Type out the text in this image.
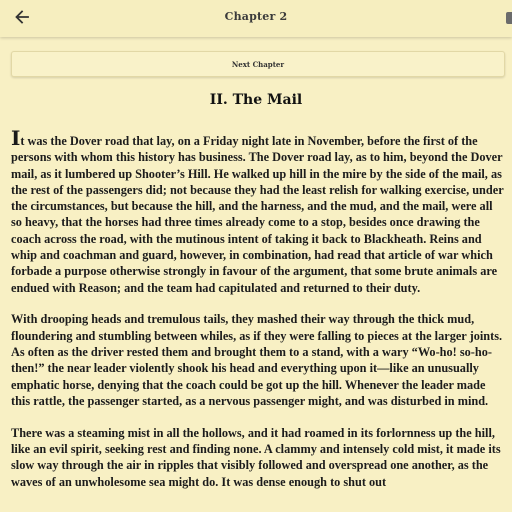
Chapter 2
Next Chapter
II. The Mail

It was the Dover road that lay, on a Friday night late in November, before the first of the persons with whom this history has business. The Dover road lay, as to him, beyond the Dover mail, as it lumbered up Shooter’s Hill. He walked up hill in the mire by the side of the mail, as the rest of the passengers did; not because they had the least relish for walking exercise, under the circumstances, but because the hill, and the harness, and the mud, and the mail, were all so heavy, that the horses had three times already come to a stop, besides once drawing the coach across the road, with the mutinous intent of taking it back to Blackheath. Reins and whip and coachman and guard, however, in combination, had read that article of war which forbade a purpose otherwise strongly in favour of the argument, that some brute animals are endued with Reason; and the team had capitulated and returned to their duty.

With drooping heads and tremulous tails, they mashed their way through the thick mud, floundering and stumbling between whiles, as if they were falling to pieces at the larger joints. As often as the driver rested them and brought them to a stand, with a wary “Wo-ho! so-ho-then!” the near leader violently shook his head and everything upon it—like an unusually emphatic horse, denying that the coach could be got up the hill. Whenever the leader made this rattle, the passenger started, as a nervous passenger might, and was disturbed in mind.

There was a steaming mist in all the hollows, and it had roamed in its forlornness up the hill, like an evil spirit, seeking rest and finding none. A clammy and intensely cold mist, it made its slow way through the air in ripples that visibly followed and overspread one another, as the waves of an unwholesome sea might do. It was dense enough to shut out
